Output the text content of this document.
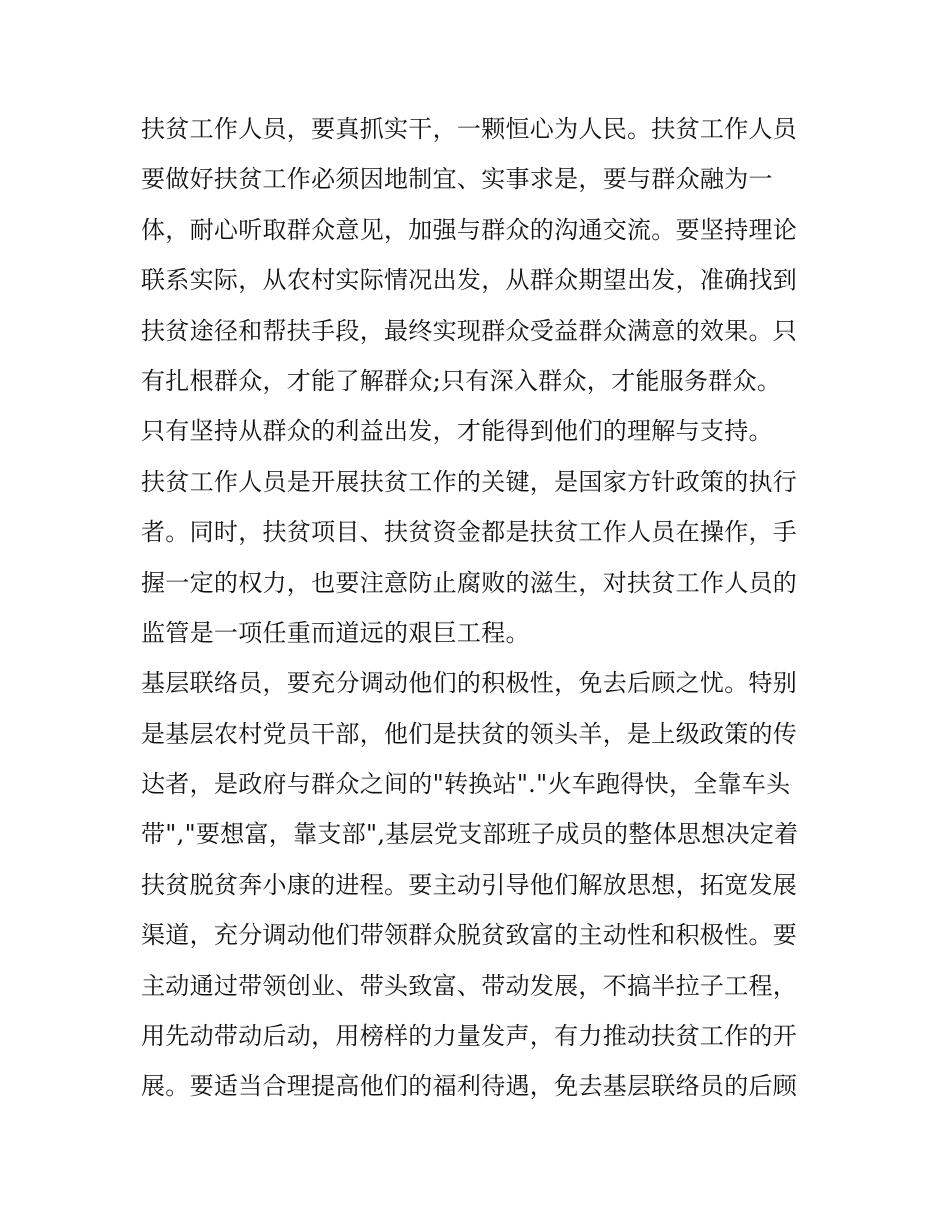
扶贫工作人员，要真抓实干，一颗恒心为人民。扶贫工作人员
要做好扶贫工作必须因地制宜、实事求是，要与群众融为一
体，耐心听取群众意见，加强与群众的沟通交流。要坚持理论
联系实际，从农村实际情况出发，从群众期望出发，准确找到
扶贫途径和帮扶手段，最终实现群众受益群众满意的效果。只
有扎根群众，才能了解群众;只有深入群众，才能服务群众。
只有坚持从群众的利益出发，才能得到他们的理解与支持。
扶贫工作人员是开展扶贫工作的关键，是国家方针政策的执行
者。同时，扶贫项目、扶贫资金都是扶贫工作人员在操作，手
握一定的权力，也要注意防止腐败的滋生，对扶贫工作人员的
监管是一项任重而道远的艰巨工程。
基层联络员，要充分调动他们的积极性，免去后顾之忧。特别
是基层农村党员干部，他们是扶贫的领头羊，是上级政策的传
达者，是政府与群众之间的"转换站"."火车跑得快，全靠车头
带","要想富，靠支部",基层党支部班子成员的整体思想决定着
扶贫脱贫奔小康的进程。要主动引导他们解放思想，拓宽发展
渠道，充分调动他们带领群众脱贫致富的主动性和积极性。要
主动通过带领创业、带头致富、带动发展，不搞半拉子工程，
用先动带动后动，用榜样的力量发声，有力推动扶贫工作的开
展。要适当合理提高他们的福利待遇，免去基层联络员的后顾
